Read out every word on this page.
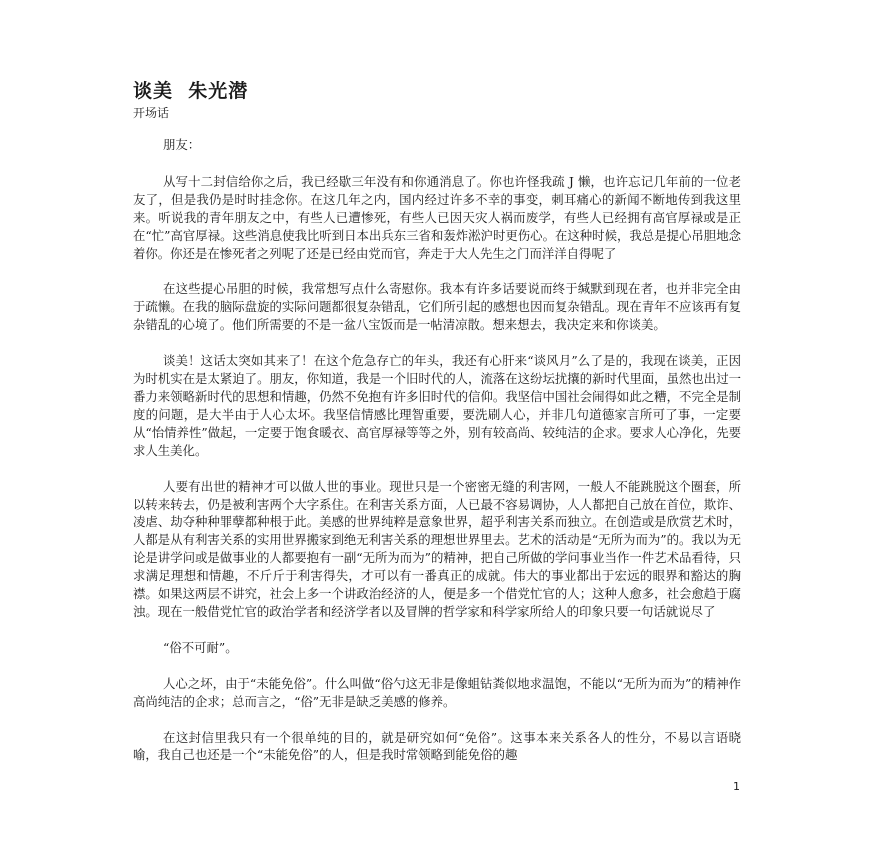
谈美  朱光潜
开场话

朋友：

从写十二封信给你之后，我已经歇三年没有和你通消息了。你也许怪我疏 J 懒，也许忘记几年前的一位老友了，但是我仍是时时挂念你。在这几年之内，国内经过许多不幸的事变，刺耳痛心的新闻不断地传到我这里来。听说我的青年朋友之中，有些人已遭惨死，有些人已因天灾人祸而废学，有些人已经拥有高官厚禄或是正在“忙”高官厚禄。这些消息使我比听到日本出兵东三省和轰炸淞沪时更伤心。在这种时候，我总是提心吊胆地念着你。你还是在惨死者之列呢了还是已经由党而官，奔走于大人先生之门而洋洋自得呢了

在这些提心吊胆的时候，我常想写点什么寄慰你。我本有许多话要说而终于缄默到现在者，也并非完全由于疏懒。在我的脑际盘旋的实际问题都很复杂错乱，它们所引起的感想也因而复杂错乱。现在青年不应该再有复杂错乱的心境了。他们所需要的不是一盆八宝饭而是一帖清凉散。想来想去，我决定来和你谈美。

谈美！这话太突如其来了！在这个危急存亡的年头，我还有心肝来“谈风月”么了是的，我现在谈美，正因为时机实在是太紧迫了。朋友，你知道，我是一个旧时代的人，流落在这纷坛扰攘的新时代里面，虽然也出过一番力来领略新时代的思想和情趣，仍然不免抱有许多旧时代的信仰。我坚信中国社会闹得如此之糟，不完全是制度的问题，是大半由于人心太坏。我坚信情感比理智重要，要洗刷人心，并非几句道德家言所可了事，一定要从“怡情养性”做起，一定要于饱食暖衣、高官厚禄等等之外，别有较高尚、较纯洁的企求。要求人心净化，先要求人生美化。

人要有出世的精神才可以做人世的事业。现世只是一个密密无缝的利害网，一般人不能跳脱这个圈套，所以转来转去，仍是被利害两个大字系住。在利害关系方面，人已最不容易调协，人人都把自己放在首位，欺诈、凌虐、劫夺种种罪孽都种根于此。美感的世界纯粹是意象世界，超乎利害关系而独立。在创造或是欣赏艺术时，人都是从有利害关系的实用世界搬家到绝无利害关系的理想世界里去。艺术的活动是“无所为而为”的。我以为无论是讲学问或是做事业的人都要抱有一副“无所为而为”的精神，把自己所做的学问事业当作一件艺术品看待，只求满足理想和情趣，不斤斤于利害得失，才可以有一番真正的成就。伟大的事业都出于宏远的眼界和豁达的胸襟。如果这两层不讲究，社会上多一个讲政治经济的人，便是多一个借党忙官的人；这种人愈多，社会愈趋于腐浊。现在一般借党忙官的政治学者和经济学者以及冒牌的哲学家和科学家所给人的印象只要一句话就说尽了

“俗不可耐”。

人心之坏，由于“未能免俗”。什么叫做“俗勺这无非是像蛆钻粪似地求温饱，不能以“无所为而为”的精神作高尚纯洁的企求；总而言之，“俗”无非是缺乏美感的修养。

在这封信里我只有一个很单纯的目的，就是研究如何“免俗”。这事本来关系各人的性分，不易以言语晓喻，我自己也还是一个“未能免俗”的人，但是我时常领略到能免俗的趣

1
